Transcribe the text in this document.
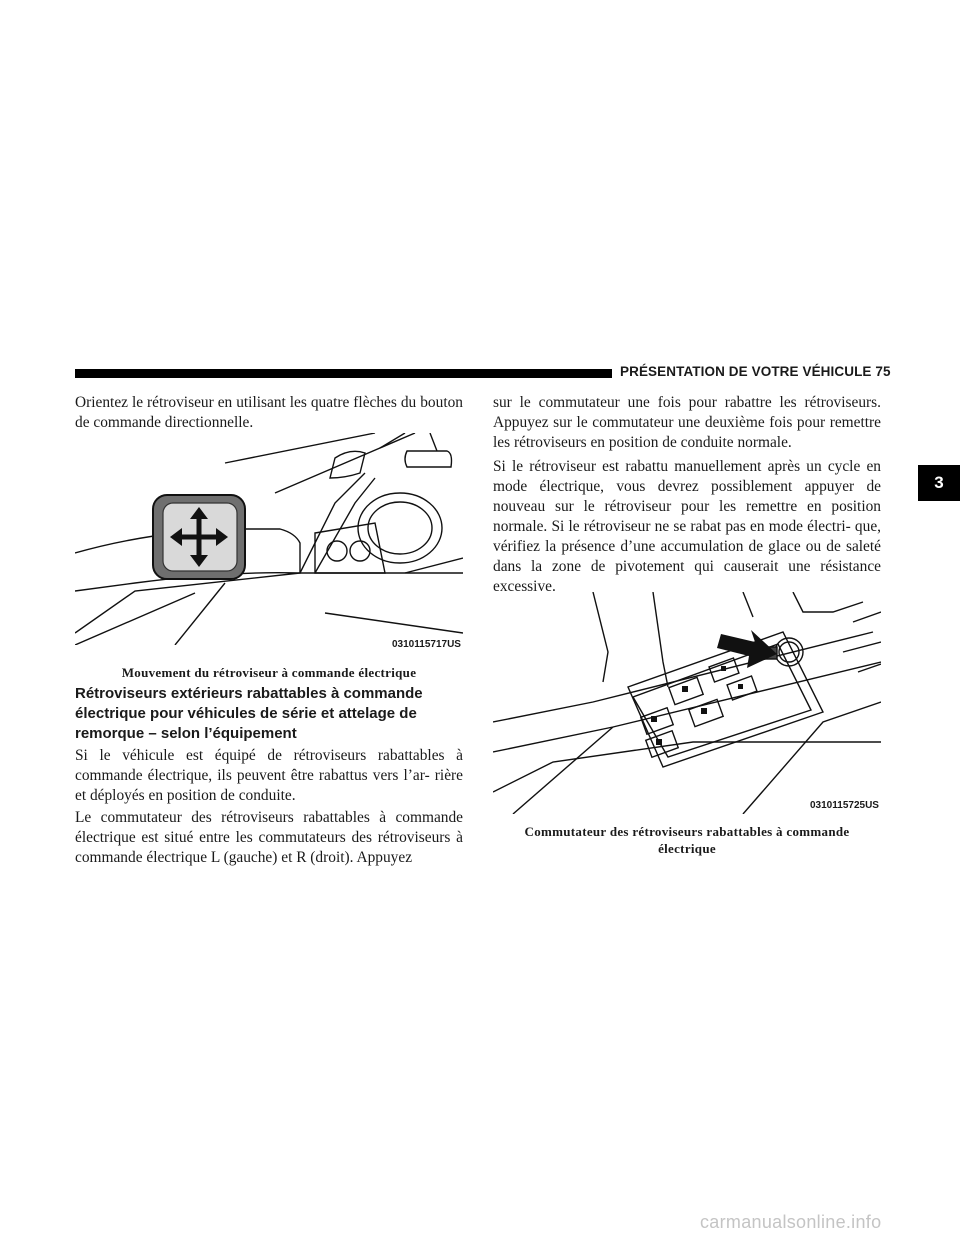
PRÉSENTATION DE VOTRE VÉHICULE 75
3
Orientez le rétroviseur en utilisant les quatre flèches du bouton de commande directionnelle.
0310115717US
Mouvement du rétroviseur à commande électrique
Rétroviseurs extérieurs rabattables à commande électrique pour véhicules de série et attelage de remorque – selon l’équipement
Si le véhicule est équipé de rétroviseurs rabattables à commande électrique, ils peuvent être rabattus vers l’ar- rière et déployés en position de conduite.
Le commutateur des rétroviseurs rabattables à commande électrique est situé entre les commutateurs des rétroviseurs à commande électrique L (gauche) et R (droit). Appuyez
sur le commutateur une fois pour rabattre les rétroviseurs. Appuyez sur le commutateur une deuxième fois pour remettre les rétroviseurs en position de conduite normale.
Si le rétroviseur est rabattu manuellement après un cycle en mode électrique, vous devrez possiblement appuyer de nouveau sur le rétroviseur pour les remettre en position normale. Si le rétroviseur ne se rabat pas en mode électri- que, vérifiez la présence d’une accumulation de glace ou de saleté dans la zone de pivotement qui causerait une résistance excessive.
0310115725US
Commutateur des rétroviseurs rabattables à commande
électrique
carmanualsonline.info
